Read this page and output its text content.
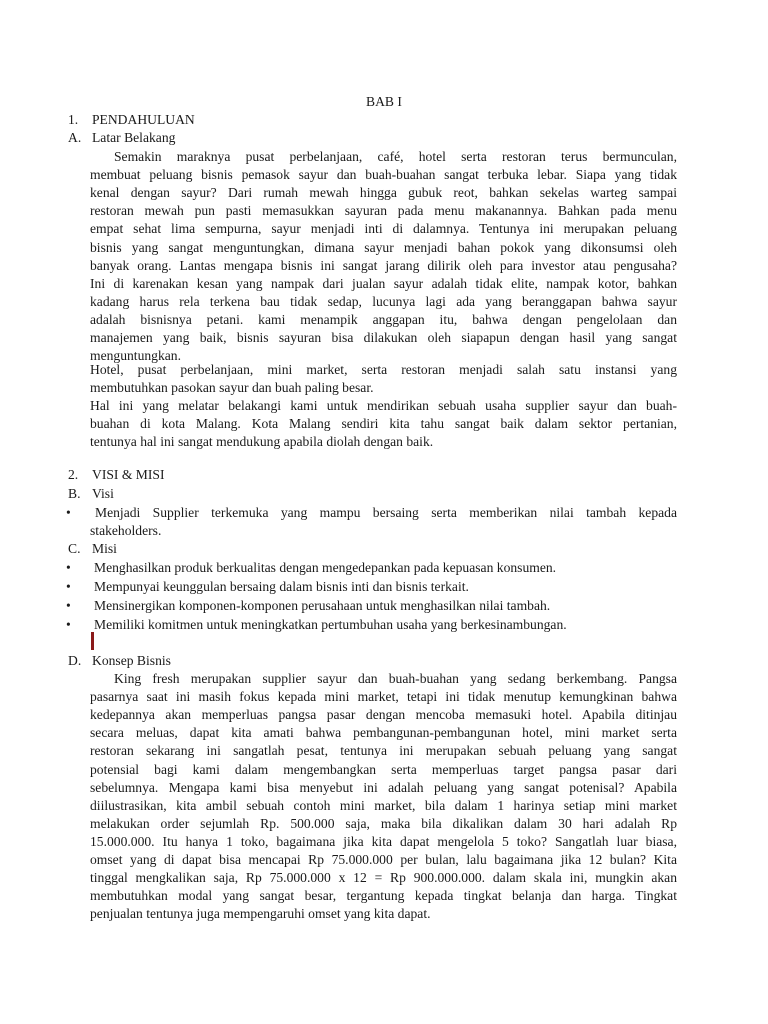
BAB I
1. PENDAHULUAN
A. Latar Belakang
Semakin maraknya pusat perbelanjaan, café, hotel serta restoran terus bermunculan,
membuat peluang bisnis pemasok sayur dan buah-buahan sangat terbuka lebar. Siapa yang tidak
kenal dengan sayur? Dari rumah mewah hingga gubuk reot, bahkan sekelas warteg sampai
restoran mewah pun pasti memasukkan sayuran pada menu makanannya. Bahkan pada menu
empat sehat lima sempurna, sayur menjadi inti di dalamnya. Tentunya ini merupakan peluang
bisnis yang sangat menguntungkan, dimana sayur menjadi bahan pokok yang dikonsumsi oleh
banyak orang. Lantas mengapa bisnis ini sangat jarang dilirik oleh para investor atau pengusaha?
Ini di karenakan kesan yang nampak dari jualan sayur adalah tidak elite, nampak kotor, bahkan
kadang harus rela terkena bau tidak sedap, lucunya lagi ada yang beranggapan bahwa sayur
adalah bisnisnya petani. kami menampik anggapan itu, bahwa dengan pengelolaan dan
manajemen yang baik, bisnis sayuran bisa dilakukan oleh siapapun dengan hasil yang sangat
menguntungkan.
Hotel, pusat perbelanjaan, mini market, serta restoran menjadi salah satu instansi yang
membutuhkan pasokan sayur dan buah paling besar.
Hal ini yang melatar belakangi kami untuk mendirikan sebuah usaha supplier sayur dan buah-
buahan di kota Malang. Kota Malang sendiri kita tahu sangat baik dalam sektor pertanian,
tentunya hal ini sangat mendukung apabila diolah dengan baik.
2. VISI & MISI
B. Visi
• Menjadi Supplier terkemuka yang mampu bersaing serta memberikan nilai tambah kepada
stakeholders.
C. Misi
• Menghasilkan produk berkualitas dengan mengedepankan pada kepuasan konsumen.
• Mempunyai keunggulan bersaing dalam bisnis inti dan bisnis terkait.
• Mensinergikan komponen-komponen perusahaan untuk menghasilkan nilai tambah.
• Memiliki komitmen untuk meningkatkan pertumbuhan usaha yang berkesinambungan.
D. Konsep Bisnis
King fresh merupakan supplier sayur dan buah-buahan yang sedang berkembang. Pangsa
pasarnya saat ini masih fokus kepada mini market, tetapi ini tidak menutup kemungkinan bahwa
kedepannya akan memperluas pangsa pasar dengan mencoba memasuki hotel. Apabila ditinjau
secara meluas, dapat kita amati bahwa pembangunan-pembangunan hotel, mini market serta
restoran sekarang ini sangatlah pesat, tentunya ini merupakan sebuah peluang yang sangat
potensial bagi kami dalam mengembangkan serta memperluas target pangsa pasar dari
sebelumnya. Mengapa kami bisa menyebut ini adalah peluang yang sangat potenisal? Apabila
diilustrasikan, kita ambil sebuah contoh mini market, bila dalam 1 harinya setiap mini market
melakukan order sejumlah Rp. 500.000 saja, maka bila dikalikan dalam 30 hari adalah Rp
15.000.000. Itu hanya 1 toko, bagaimana jika kita dapat mengelola 5 toko? Sangatlah luar biasa,
omset yang di dapat bisa mencapai Rp 75.000.000 per bulan, lalu bagaimana jika 12 bulan? Kita
tinggal mengkalikan saja, Rp 75.000.000 x 12 = Rp 900.000.000. dalam skala ini, mungkin akan
membutuhkan modal yang sangat besar, tergantung kepada tingkat belanja dan harga. Tingkat
penjualan tentunya juga mempengaruhi omset yang kita dapat.
